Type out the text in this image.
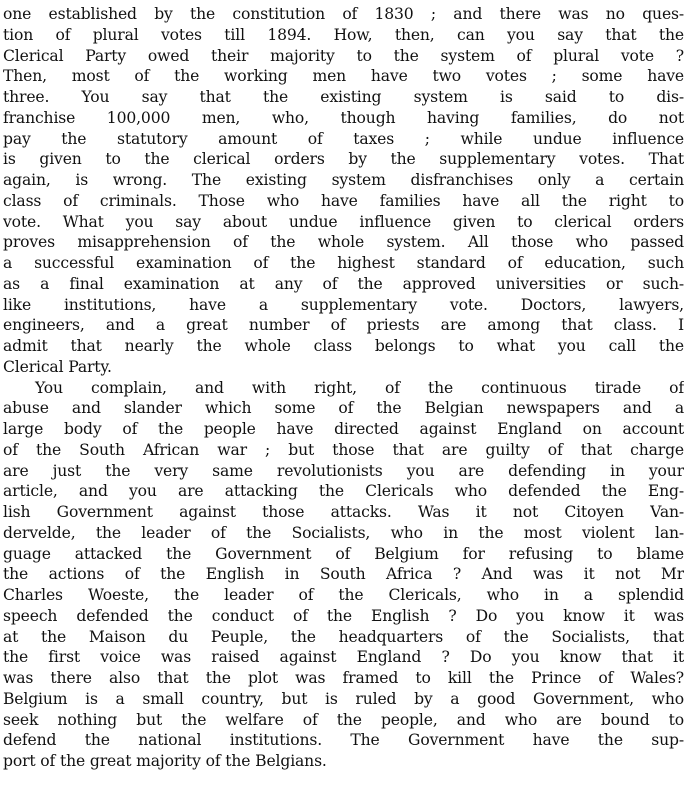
one established by the constitution of 1830 ; and there was no ques-
tion of plural votes till 1894. How, then, can you say that the
Clerical Party owed their majority to the system of plural vote ?
Then, most of the working men have two votes ; some have
three. You say that the existing system is said to dis-
franchise 100,000 men, who, though having families, do not
pay the statutory amount of taxes ; while undue influence
is given to the clerical orders by the supplementary votes. That
again, is wrong. The existing system disfranchises only a certain
class of criminals. Those who have families have all the right to
vote. What you say about undue influence given to clerical orders
proves misapprehension of the whole system. All those who passed
a successful examination of the highest standard of education, such
as a final examination at any of the approved universities or such-
like institutions, have a supplementary vote. Doctors, lawyers,
engineers, and a great number of priests are among that class. I
admit that nearly the whole class belongs to what you call the
Clerical Party.
You complain, and with right, of the continuous tirade of
abuse and slander which some of the Belgian newspapers and a
large body of the people have directed against England on account
of the South African war ; but those that are guilty of that charge
are just the very same revolutionists you are defending in your
article, and you are attacking the Clericals who defended the Eng-
lish Government against those attacks. Was it not Citoyen Van-
dervelde, the leader of the Socialists, who in the most violent lan-
guage attacked the Government of Belgium for refusing to blame
the actions of the English in South Africa ? And was it not Mr
Charles Woeste, the leader of the Clericals, who in a splendid
speech defended the conduct of the English ? Do you know it was
at the Maison du Peuple, the headquarters of the Socialists, that
the first voice was raised against England ? Do you know that it
was there also that the plot was framed to kill the Prince of Wales?
Belgium is a small country, but is ruled by a good Government, who
seek nothing but the welfare of the people, and who are bound to
defend the national institutions. The Government have the sup-
port of the great majority of the Belgians.
